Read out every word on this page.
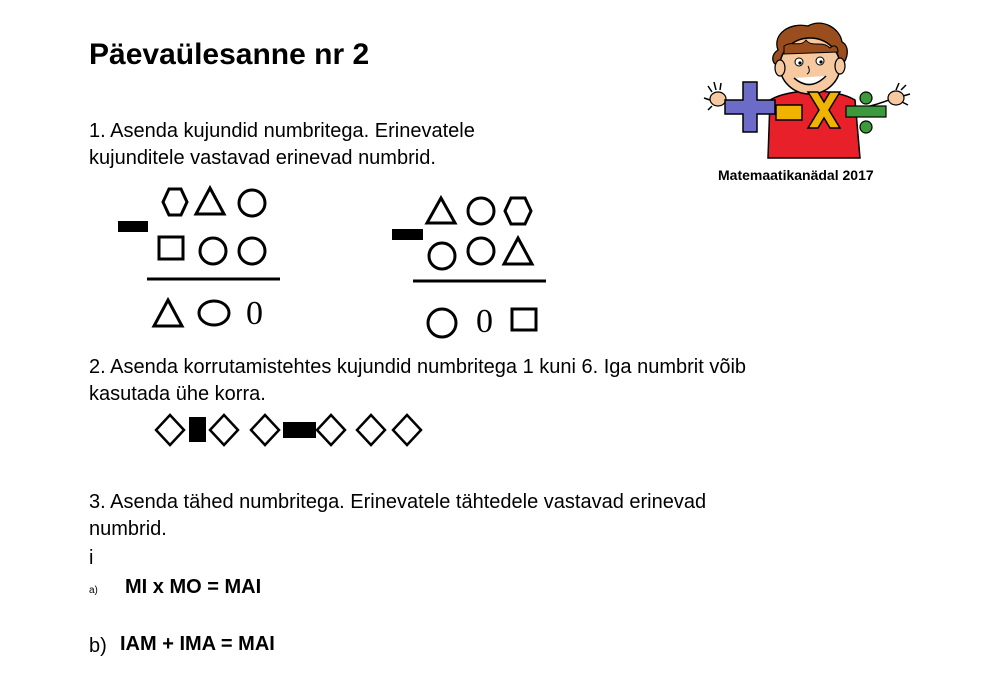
Päevaülesanne nr 2
1. Asenda kujundid numbritega. Erinevatele
kujunditele vastavad erinevad numbrid.
0	0
2. Asenda korrutamistehtes kujundid numbritega 1 kuni 6. Iga numbrit võib
kasutada ühe korra.
3. Asenda tähed numbritega. Erinevatele tähtedele vastavad erinevad
numbrid.
i
a) MI x MO = MAI
b) IAM + IMA = MAI
Matemaatikanädal 2017
